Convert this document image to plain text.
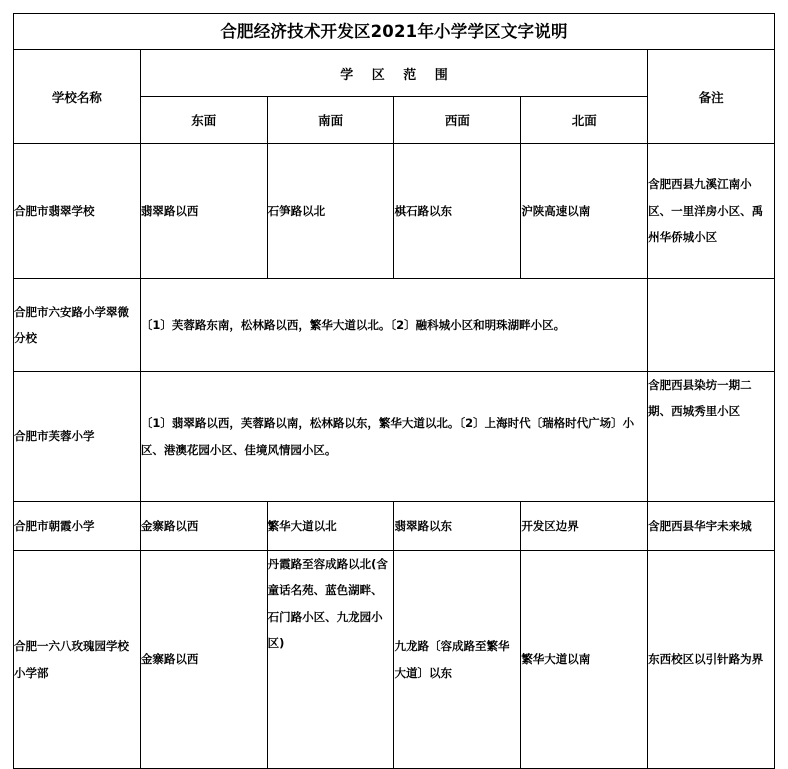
合肥经济技术开发区2021年小学学区文字说明					
学校名称	学 区 范 围				备注
	东面	南面	西面	北面	
合肥市翡翠学校	翡翠路以西	石笋路以北	棋石路以东	沪陕高速以南	含肥西县九溪江南小区、一里洋房小区、禹州华侨城小区
合肥市六安路小学翠微分校	〔1〕芙蓉路东南，松林路以西，繁华大道以北。〔2〕融科城小区和明珠湖畔小区。				
合肥市芙蓉小学	〔1〕翡翠路以西，芙蓉路以南，松林路以东，繁华大道以北。〔2〕上海时代〔瑞格时代广场〕小区、港澳花园小区、佳境风情园小区。				含肥西县染坊一期二期、西城秀里小区
合肥市朝霞小学	金寨路以西	繁华大道以北	翡翠路以东	开发区边界	含肥西县华宇未来城
合肥一六八玫瑰园学校小学部	金寨路以西	丹霞路至容成路以北(含童话名苑、蓝色湖畔、石门路小区、九龙园小区)	九龙路〔容成路至繁华大道〕以东	繁华大道以南	东西校区以引针路为界
